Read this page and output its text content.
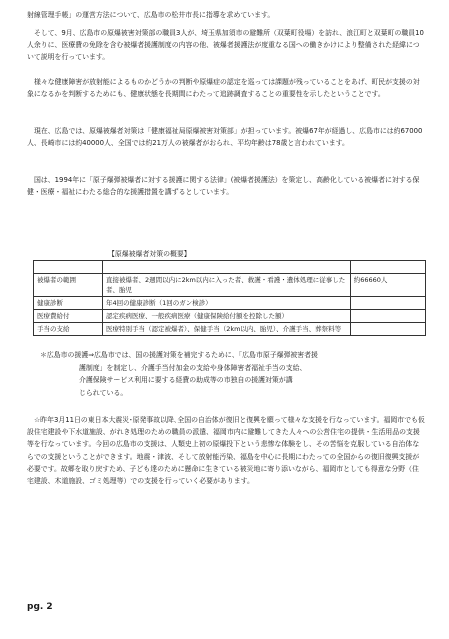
射線管理手帳」の運営方法について、広島市の松井市長に指導を求めています。

そして、9月、広島市の原爆被害対策部の職員3人が、埼玉県加須市の避難所（双葉町役場）を訪れ、浪江町と双葉町の職員10人余りに、医療費の免除を含む被爆者援護制度の内容の他、被爆者援護法が度重なる国への働きかけにより整備された経緯について説明を行っています。

様々な健康障害が放射能によるものかどうかの判断や原爆症の認定を巡っては課題が残っていることをあげ、町民が支援の対象になるかを判断するためにも、健康状態を長期間にわたって追跡調査することの重要性を示したということです。

現在、広島では、原爆被爆者対策は「健康福祉局原爆被害対策部」が担っています。被爆67年が経過し、広島市には約67000人、長崎市には約40000人、全国では約21万人の被爆者がおられ、平均年齢は78歳と言われています。

国は、1994年に「原子爆弾被爆者に対する援護に関する法律」(被爆者援護法）を策定し、高齢化している被爆者に対する保健・医療・福祉にわたる総合的な援護措置を講ずるとしています。

【原爆被爆者対策の概要】

被爆者の範囲	直接被爆者、2週間以内に2km以内に入った者、救護・看護・遺体処理に従事した者、胎児	約66660人
健康診断	年4回の健康診断（1回のガン検診）	
医療費給付	認定疾病医療、一般疾病医療（健康保険給付額を控除した額）	
手当の支給	医療特別手当（認定被爆者）、保健手当（2km以内、胎児）、介護手当、葬祭料等	
＊広島市の援護⇒広島市では、国の援護対策を補完するために、「広島市原子爆弾被害者援
護制度」を制定し、介護手当付加金の支給や身体障害者福祉手当の支給、
介護保険サービス利用に要する経費の助成等の市独自の援護対策が講
じられている。

☆昨年3月11日の東日本大震災･原発事故以降､全国の自治体が復旧と復興を願って様々な支援を行なっています。福岡市でも仮設住宅建設や下水道施設、がれき処理のための職員の派遣、福岡市内に避難してきた人々への公営住宅の提供・生活用品の支援等を行なっています。今回の広島市の支援は、人類史上初の原爆投下という悲惨な体験をし、その苦悩を克服している自治体ならでの支援ということができます。地震・津波、そして放射能汚染、福島を中心に長期にわたっての全国からの復旧復興支援が必要です。故郷を取り戻すため、子ども達のために懸命に生きている被災地に寄り添いながら、福岡市としても得意な分野（住宅建設、木道施設、ゴミ処理等）での支援を行っていく必要があります。

pg. 2
